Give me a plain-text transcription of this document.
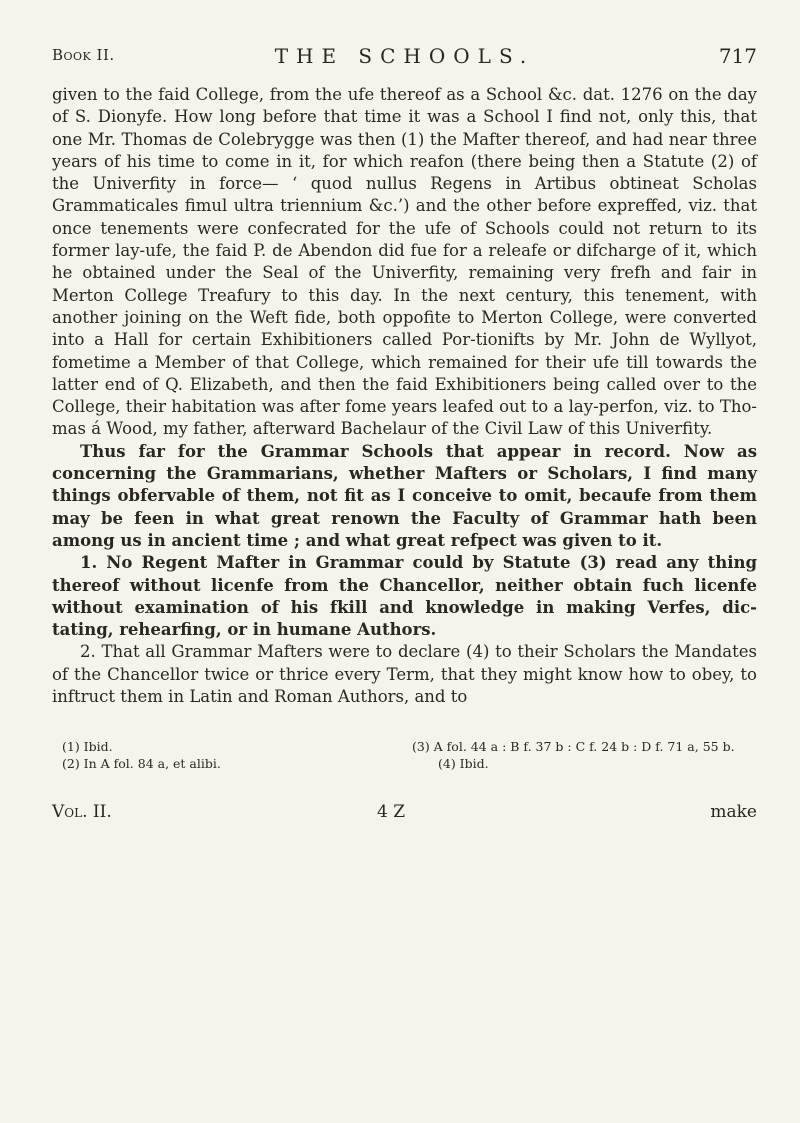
Book II.	THE SCHOOLS.	717

given to the faid College, from the ufe thereof as a School &c. dat. 1276 on the day of S. Dionyfe. How long before that time it was a School I find not, only this, that one Mr. Thomas de Colebrygge was then (1) the Mafter thereof, and had near three years of his time to come in it, for which reafon (there being then a Statute (2) of the Univerfity in force— ‘ quod nullus Regens in Artibus obtineat Scholas Grammaticales fimul ultra triennium &c.’) and the other before expreffed, viz. that once tenements were confecrated for the ufe of Schools could not return to its former lay-ufe, the faid P. de Abendon did fue for a releafe or difcharge of it, which he obtained under the Seal of the Univerfity, remaining very frefh and fair in Merton College Treafury to this day. In the next century, this tenement, with another joining on the Weft fide, both oppofite to Merton College, were converted into a Hall for certain Exhibitioners called Por-tionifts by Mr. John de Wyllyot, fometime a Member of that College, which remained for their ufe till towards the latter end of Q. Elizabeth, and then the faid Exhibitioners being called over to the College, their habitation was after fome years leafed out to a lay-perfon, viz. to Tho-mas á Wood, my father, afterward Bachelaur of the Civil Law of this Univerfity.

Thus far for the Grammar Schools that appear in record. Now as concerning the Grammarians, whether Mafters or Scholars, I find many things obfervable of them, not fit as I conceive to omit, becaufe from them may be feen in what great renown the Faculty of Grammar hath been among us in ancient time ; and what great refpect was given to it.

1. No Regent Mafter in Grammar could by Statute (3) read any thing thereof without licenfe from the Chancellor, neither obtain fuch licenfe without examination of his fkill and knowledge in making Verfes, dic-tating, rehearfing, or in humane Authors.

2. That all Grammar Mafters were to declare (4) to their Scholars the Mandates of the Chancellor twice or thrice every Term, that they might know how to obey, to inftruct them in Latin and Roman Authors, and to

(1) Ibid.
(2) In A fol. 84 a, et alibi.
(3) A fol. 44 a : B f. 37 b : C f. 24 b : D f. 71 a, 55 b.
(4) Ibid.
Vol. II.	4 Z	make
